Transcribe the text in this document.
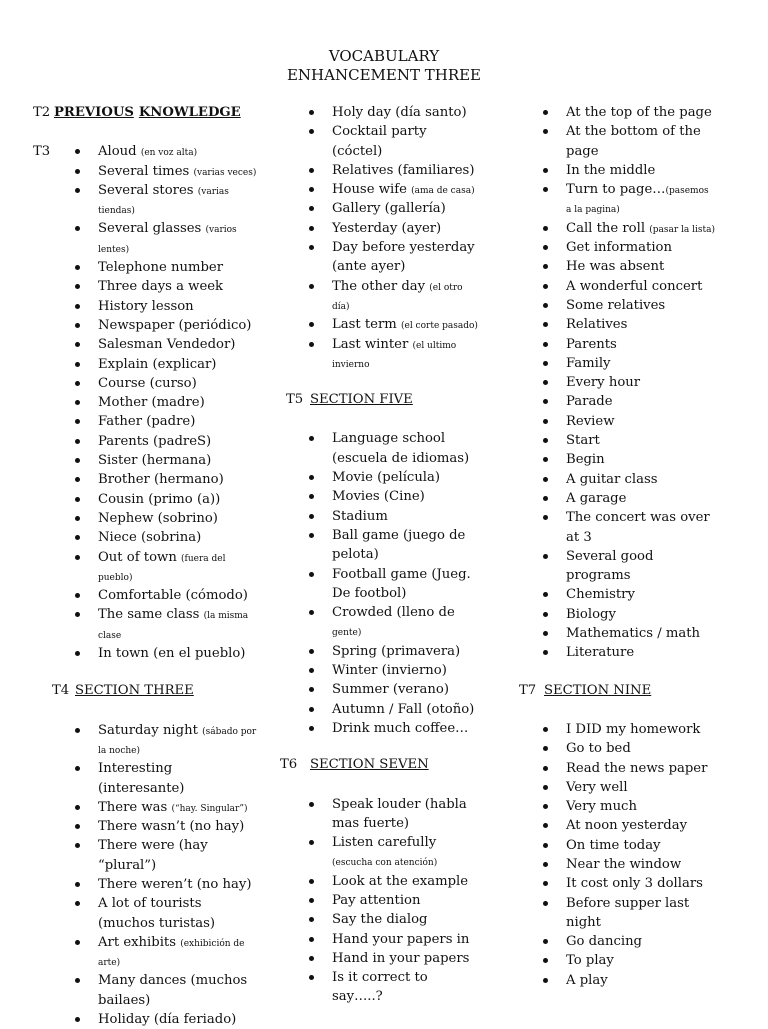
VOCABULARY
ENHANCEMENT THREE
T2 PREVIOUS KNOWLEDGE
T3	Aloud (en voz alta)
Several times (varias veces)
Several stores (varias tiendas)
Several glasses (varios lentes)
Telephone number
Three days a week
History lesson
Newspaper (periódico)
Salesman Vendedor)
Explain (explicar)
Course (curso)
Mother (madre)
Father (padre)
Parents (padreS)
Sister (hermana)
Brother (hermano)
Cousin (primo (a))
Nephew (sobrino)
Niece (sobrina)
Out of town (fuera del pueblo)
Comfortable (cómodo)
The same class (la misma clase
In town (en el pueblo)
T4 SECTION THREE
Saturday night (sábado por la noche)
Interesting (interesante)
There was (“hay. Singular”)
There wasn’t (no hay)
There were (hay “plural”)
There weren’t (no hay)
A lot of tourists (muchos turistas)
Art exhibits (exhibición de arte)
Many dances (muchos bailaes)
Holiday (día feriado)
Holy day (día santo)
Cocktail party (cóctel)
Relatives (familiares)
House wife (ama de casa)
Gallery (gallería)
Yesterday (ayer)
Day before yesterday (ante ayer)
The other day (el otro día)
Last term (el corte pasado)
Last winter (el ultimo invierno
T5 SECTION FIVE
Language school (escuela de idiomas)
Movie (película)
Movies (Cine)
Stadium
Ball game (juego de pelota)
Football game (Jueg. De footbol)
Crowded (lleno de gente)
Spring (primavera)
Winter (invierno)
Summer (verano)
Autumn / Fall (otoño)
Drink much coffee…
T6 SECTION SEVEN
Speak louder (habla mas fuerte)
Listen carefully (escucha con atención)
Look at the example
Pay attention
Say the dialog
Hand your papers in
Hand in your papers
Is it correct to say…..?
At the top of the page
At the bottom of the page
In the middle
Turn to page…(pasemos a la pagina)
Call the roll (pasar la lista)
Get information
He was absent
A wonderful concert
Some relatives
Relatives
Parents
Family
Every hour
Parade
Review
Start
Begin
A guitar class
A garage
The concert was over at 3
Several good programs
Chemistry
Biology
Mathematics / math
Literature
T7 SECTION NINE
I DID my homework
Go to bed
Read the news paper
Very well
Very much
At noon yesterday
On time today
Near the window
It cost only 3 dollars
Before supper last night
Go dancing
To play
A play
